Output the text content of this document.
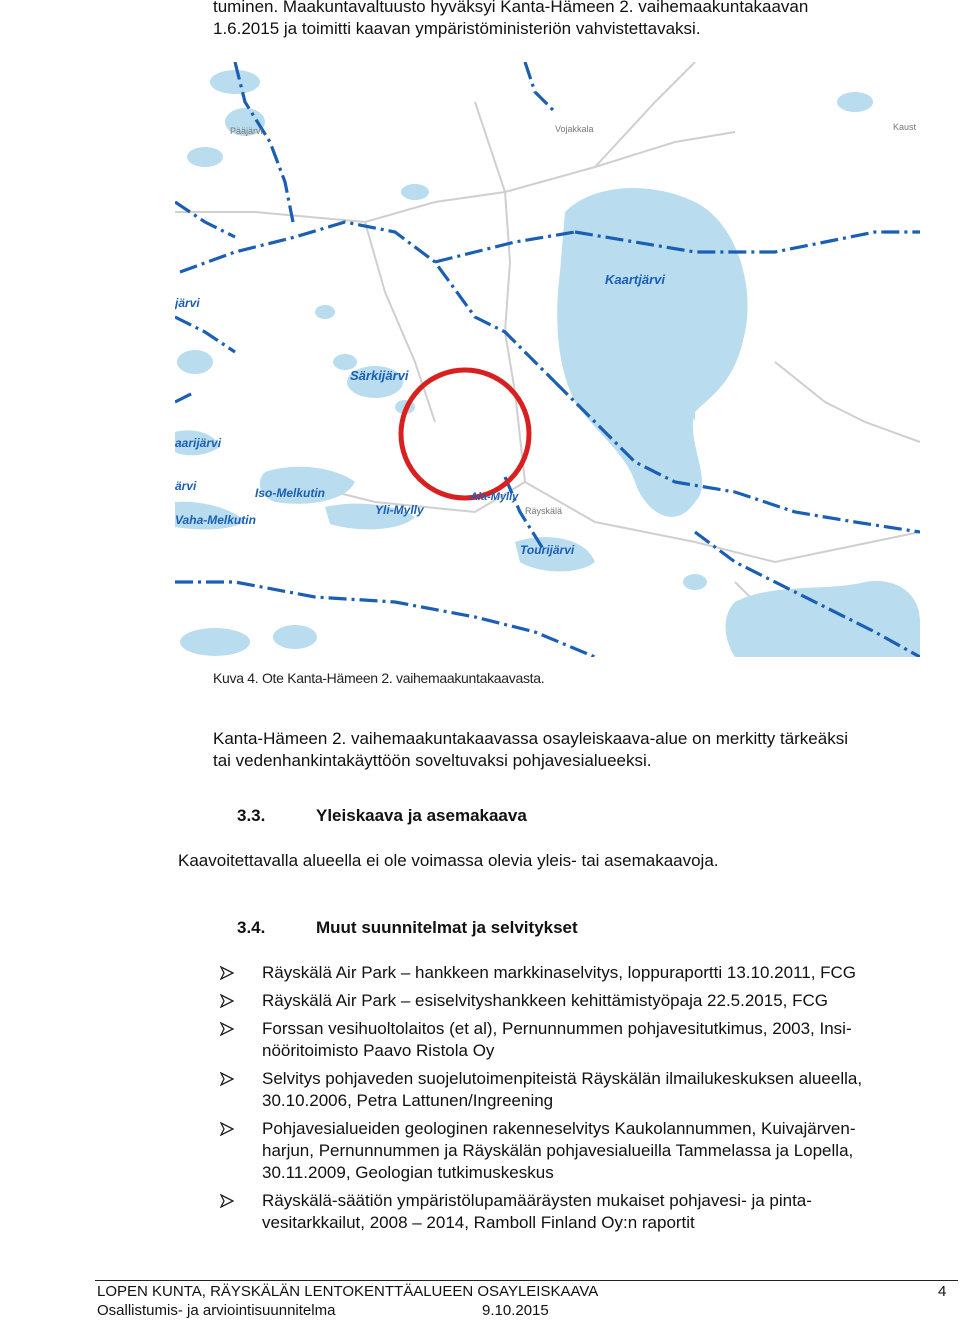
tuminen. Maakuntavaltuusto hyväksyi Kanta-Hämeen 2. vaihemaakuntakaavan

1.6.2015 ja toimitti kaavan ympäristöministeriön vahvistettavaksi.

Kaartjärvi
Särkijärvi
aarijärvi
Iso-Melkutin
ärvi
Vaha-Melkutin
Yli-Mylly
Ala-Mylly
Tourijärvi
järvi
Pääjärvi	Vojakkala	Kaust
Räyskälä
Kuva 4. Ote Kanta-Hämeen 2. vaihemaakuntakaavasta.

Kanta-Hämeen 2. vaihemaakuntakaavassa osayleiskaava-alue on merkitty tärkeäksi

tai vedenhankintakäyttöön soveltuvaksi pohjavesialueeksi.

3.3.	Yleiskaava ja asemakaava
Kaavoitettavalla alueella ei ole voimassa olevia yleis- tai asemakaavoja.
3.4.	Muut suunnitelmat ja selvitykset
Räyskälä Air Park – hankkeen markkinaselvitys, loppuraportti 13.10.2011, FCG
Räyskälä Air Park – esiselvityshankkeen kehittämistyöpaja 22.5.2015, FCG
Forssan vesihuoltolaitos (et al), Pernunnummen pohjavesitutkimus, 2003, Insi-
nööritoimisto Paavo Ristola Oy
Selvitys pohjaveden suojelutoimenpiteistä Räyskälän ilmailukeskuksen alueella,
30.10.2006, Petra Lattunen/Ingreening
Pohjavesialueiden geologinen rakenneselvitys Kaukolannummen, Kuivajärven-
harjun, Pernunnummen ja Räyskälän pohjavesialueilla Tammelassa ja Lopella,
30.11.2009, Geologian tutkimuskeskus
Räyskälä-säätiön ympäristölupamääräysten mukaiset pohjavesi- ja pinta-
vesitarkkailut, 2008 – 2014, Ramboll Finland Oy:n raportit
LOPEN KUNTA, RÄYSKÄLÄN LENTOKENTTÄALUEEN OSAYLEISKAAVA	4
Osallistumis- ja arviointisuunnitelma	9.10.2015
